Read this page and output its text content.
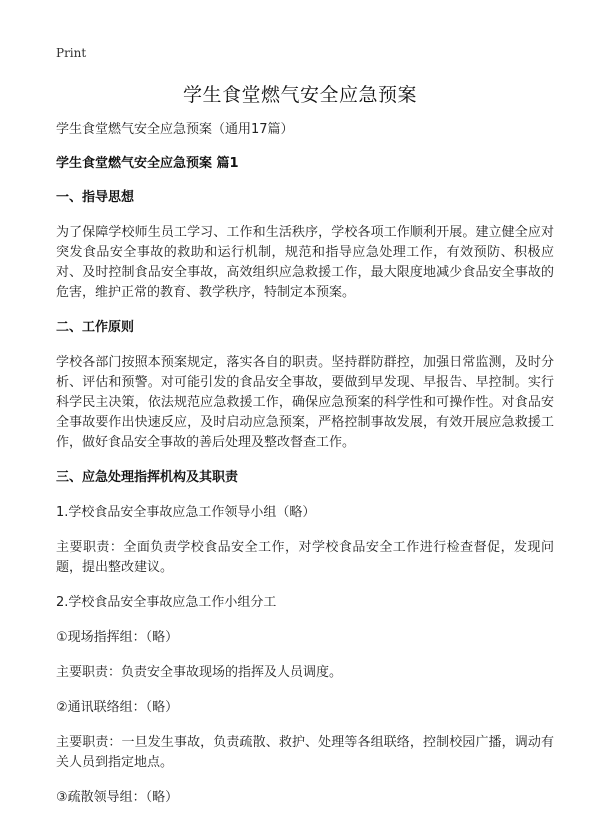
Print
学生食堂燃气安全应急预案

学生食堂燃气安全应急预案（通用17篇）

学生食堂燃气安全应急预案 篇1

一、指导思想

为了保障学校师生员工学习、工作和生活秩序，学校各项工作顺利开展。建立健全应对突发食品安全事故的救助和运行机制，规范和指导应急处理工作，有效预防、积极应对、及时控制食品安全事故，高效组织应急救援工作，最大限度地减少食品安全事故的危害，维护正常的教育、教学秩序，特制定本预案。

二、工作原则

学校各部门按照本预案规定，落实各自的职责。坚持群防群控，加强日常监测，及时分析、评估和预警。对可能引发的食品安全事故，要做到早发现、早报告、早控制。实行科学民主决策，依法规范应急救援工作，确保应急预案的科学性和可操作性。对食品安全事故要作出快速反应，及时启动应急预案，严格控制事故发展，有效开展应急救援工作，做好食品安全事故的善后处理及整改督查工作。

三、应急处理指挥机构及其职责

1.学校食品安全事故应急工作领导小组（略）

主要职责：全面负责学校食品安全工作，对学校食品安全工作进行检查督促，发现问题，提出整改建议。

2.学校食品安全事故应急工作小组分工

①现场指挥组：（略）

主要职责：负责安全事故现场的指挥及人员调度。

②通讯联络组：（略）

主要职责：一旦发生事故，负责疏散、救护、处理等各组联络，控制校园广播，调动有关人员到指定地点。

③疏散领导组：（略）
